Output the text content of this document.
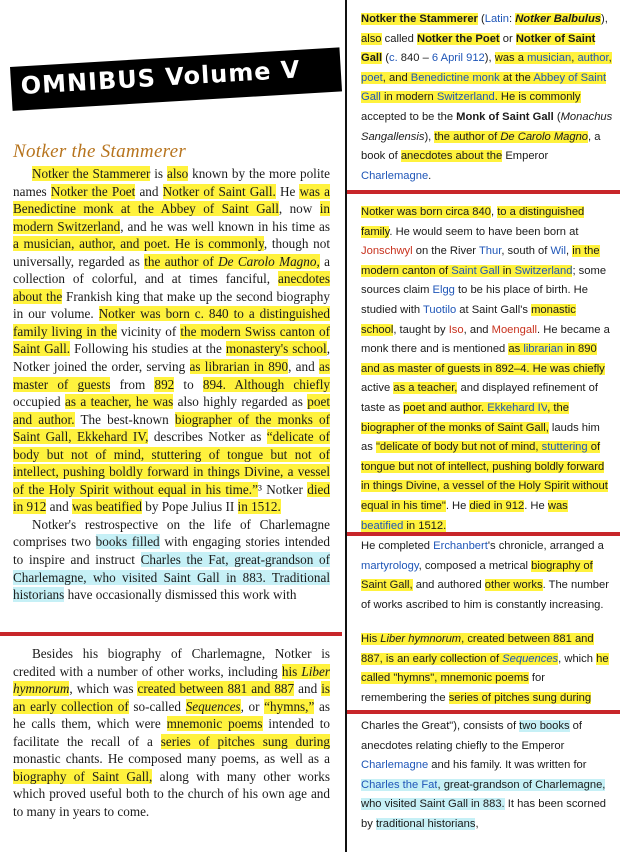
OMNIBUS Volume V
Notker the Stammerer

Notker the Stammerer is also known by the more polite names Notker the Poet and Notker of Saint Gall. He was a Benedictine monk at the Abbey of Saint Gall, now in modern Switzerland, and he was well known in his time as a musician, author, and poet. He is commonly, though not universally, regarded as the author of De Carolo Magno, a collection of colorful, and at times fanciful, anecdotes about the Frankish king that make up the second biography in our volume. Notker was born c. 840 to a distinguished family living in the vicinity of the modern Swiss canton of Saint Gall. Following his studies at the monastery's school, Notker joined the order, serving as librarian in 890, and as master of guests from 892 to 894. Although chiefly occupied as a teacher, he was also highly regarded as poet and author. The best-known biographer of the monks of Saint Gall, Ekkehard IV, describes Notker as “delicate of body but not of mind, stuttering of tongue but not of intellect, pushing boldly forward in things Divine, a vessel of the Holy Spirit without equal in his time.”³ Notker died in 912 and was beatified by Pope Julius II in 1512.

Notker's restrospective on the life of Charlemagne comprises two books filled with engaging stories intended to inspire and instruct Charles the Fat, great-grandson of Charlemagne, who visited Saint Gall in 883. Traditional historians have occasionally dismissed this work with

Besides his biography of Charlemagne, Notker is credited with a number of other works, including his Liber hymnorum, which was created between 881 and 887 and is an early collection of so-called Sequences, or “hymns,” as he calls them, which were mnemonic poems intended to facilitate the recall of a series of pitches sung during monastic chants. He composed many poems, as well as a biography of Saint Gall, along with many other works which proved useful both to the church of his own age and to many in years to come.

Notker the Stammerer (Latin: Notker Balbulus), also called Notker the Poet or Notker of Saint Gall (c. 840 – 6 April 912), was a musician, author, poet, and Benedictine monk at the Abbey of Saint Gall in modern Switzerland. He is commonly accepted to be the Monk of Saint Gall (Monachus Sangallensis), the author of De Carolo Magno, a book of anecdotes about the Emperor Charlemagne.

Notker was born circa 840, to a distinguished family. He would seem to have been born at Jonschwyl on the River Thur, south of Wil, in the modern canton of Saint Gall in Switzerland; some sources claim Elgg to be his place of birth. He studied with Tuotilo at Saint Gall's monastic school, taught by Iso, and Moengall. He became a monk there and is mentioned as librarian in 890 and as master of guests in 892–4. He was chiefly active as a teacher, and displayed refinement of taste as poet and author. Ekkehard IV, the biographer of the monks of Saint Gall, lauds him as "delicate of body but not of mind, stuttering of tongue but not of intellect, pushing boldly forward in things Divine, a vessel of the Holy Spirit without equal in his time". He died in 912. He was beatified in 1512.

He completed Erchanbert's chronicle, arranged a martyrology, composed a metrical biography of Saint Gall, and authored other works. The number of works ascribed to him is constantly increasing.

His Liber hymnorum, created between 881 and 887, is an early collection of Sequences, which he called "hymns", mnemonic poems for remembering the series of pitches sung during

Charles the Great"), consists of two books of anecdotes relating chiefly to the Emperor Charlemagne and his family. It was written for Charles the Fat, great-grandson of Charlemagne, who visited Saint Gall in 883. It has been scorned by traditional historians,
